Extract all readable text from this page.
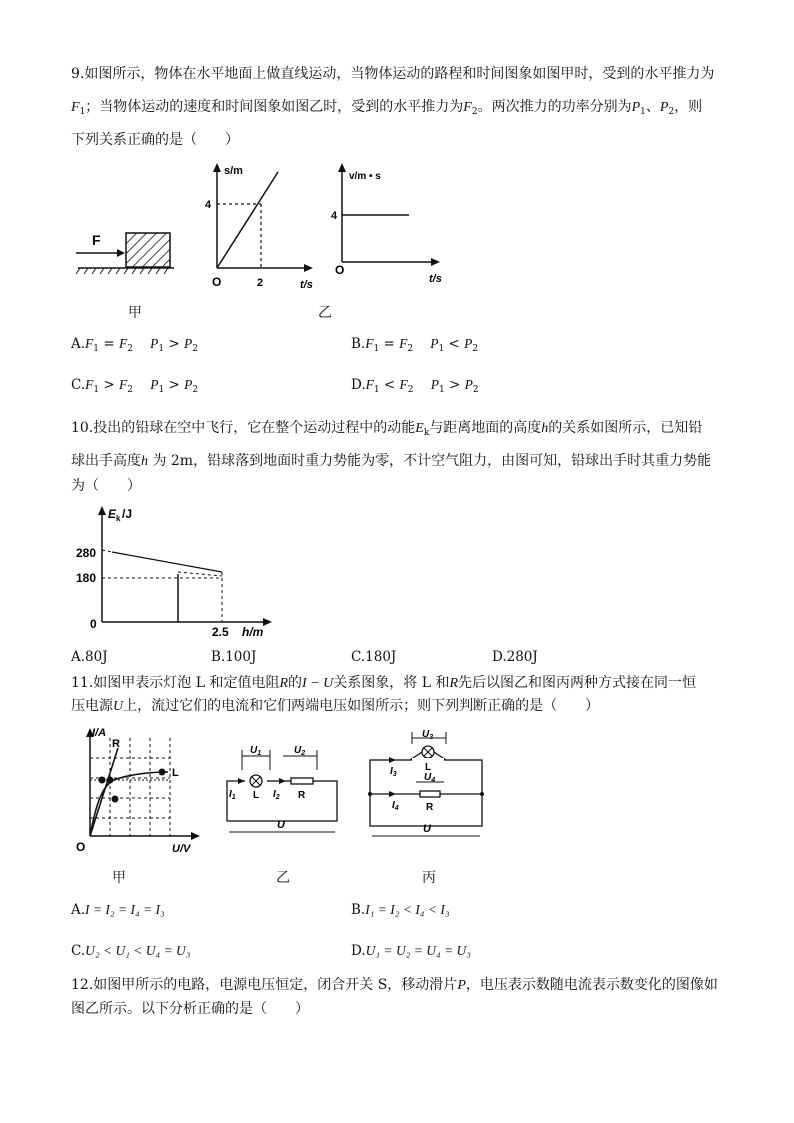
9.如图所示，物体在水平地面上做直线运动，当物体运动的路程和时间图象如图甲时，受到的水平推力为
$F_1$；当物体运动的速度和时间图象如图乙时，受到的水平推力为$F_2$。两次推力的功率分别为$P_1$、$P_2$，则
下列关系正确的是（　　）
F
s/m
4
O	2	t/s
v/m • s
4
O
t/s
甲	乙
$A.F_1 = F_2$ $P_1 > P_2$	$B.F_1 = F_2$ $P_1 < P_2$
$C.F_1 > F_2$ $P_1 > P_2$	$D.F_1 < F_2$ $P_1 > P_2$
10.投出的铅球在空中飞行，它在整个运动过程中的动能$E_k$与距离地面的高度h的关系如图所示，已知铅
球出手高度h 为 2m，铅球落到地面时重力势能为零，不计空气阻力，由图可知，铅球出手时其重力势能
为（　　）
E k /J
280
180
0
2.5 h/m
A.80J	B.100J	C.180J	D.280J
11.如图甲表示灯泡 L 和定值电阻R的I − U关系图象，将 L 和R先后以图乙和图丙两种方式接在同一恒
压电源U上，流过它们的电流和它们两端电压如图所示；则下列判断正确的是（　　）
I/A
R
L
O	U/V
$U_1$	$U_2$
$I_1$	$I_2$
L	R
U
$U_3$
$U_4$
$I_3$
$I_4$
L
R
U
甲	乙	丙
A.I = I₂ = I₄ = I₃	B.I₁ = I₂ < I₄ < I₃
C.U₂ < U₁ < U₄ = U₃	D.U₁ = U₂ = U₄ = U₃
12.如图甲所示的电路，电源电压恒定，闭合开关 S，移动滑片P，电压表示数随电流表示数变化的图像如
图乙所示。以下分析正确的是（　　）
